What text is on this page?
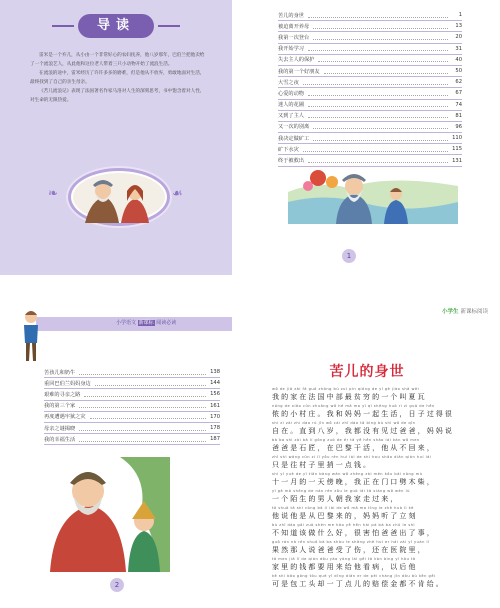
导读

雷米是一个弃儿，从小由一个非常好心的农妇抚养，他八岁那年，巴伯兰把他卖给了一个流浪艺人，从此他和这位老人带着三只小动物开始了流浪生活。

在流浪的途中，雷米经历了许许多多的磨难，但是他从不放弃，勇敢地面对生活，最终找到了自己的亲生母亲。

《苦儿流浪记》表现了法国著名作家马洛对人生的深刻思考，书中饱含着对人性、对生命的无限热爱。

❧	☙
苦儿的身世	1
被迫离开养母	13
我第一次登台	20
我开始学习	31
失去主人的保护	40
我的第一个好朋友	50
大雪之夜	62
心爱的动物	67
迷人的花圃	74
又到了主人	81
又一次的别离	96
我决定做矿工	110
矿下水灾	115
终于被救出	131
1
小学语文 新课标 阅读必读
苦孩儿和奶牛	138
重回巴伯兰妈妈身边	144
艰难的寻亲之路	156
我的第三个家	161
再度遭遇牢狱之灾	170
母亲之谜揭晓	178
我的幸福生活	187
2
小学生 新课标阅读
苦儿的身世
wǒ de jiā zài fǎ guó zhōng bù zuì pín qióng de yī gè jiào shā wèi
我的家在法国中部最贫穷的一个叫夏瓦
nóng de xiǎo cūn zhuāng wǒ hé mā ma yī qǐ shēng huó rì zi guò de hěn
侬的小村庄。我和妈妈一起生活，日子过得很
shì zì zài zhí dào rú jīn wǒ cái zhī dào tā bìng bù shì wǒ de qīn
自在。直到八岁，我都没有见过爸爸，妈妈说
bà ba shì zài bā lí gōng zuò de ér tā yě hěn shǎo lái kàn wǒ men
爸爸是石匠，在巴黎干活，他从不回来，
zhǐ shì wǎng cūn zi lǐ yǒu rén huí lái de shí hou shāo diǎn qián huí lái
只是往村子里捎一点钱。
shí yī yuè de yī tiān bàng wǎn wǒ zhèng zài mén kǒu bǎi nòng mù
十一月的一天傍晚，我正在门口劈木柴，
yī gè mò shēng de nán rén zǒu le guò lái tā xiàng wǒ wèn lù
一个陌生的男人朝我家走过来，
tā shuō tā shì cóng bā lí lái de wǒ mā ma tīng le zhè huà lì kè
他说他是从巴黎来的，妈妈听了立刻
bù zhī dào gāi zuò shén me hǎo yě hěn hài pà bà ba chū le shì
不知道该做什么好，很害怕爸爸出了事，
guǒ rán nà rén shuō bà ba shòu le shāng zhè huì er hái zài yī yuàn lǐ
果然那人说爸爸受了伤，还在医院里，
tā men jiā lǐ de qián dōu yào yòng lái gěi tā kàn bìng yǐ hòu tā
家里的钱都要用来给他看病，以后他
kě shì bāo gōng tóu què yī dīng diǎn er de péi cháng jīn dōu bù kěn gěi
可是包工头却一丁点儿的赔偿金都不肯给。
